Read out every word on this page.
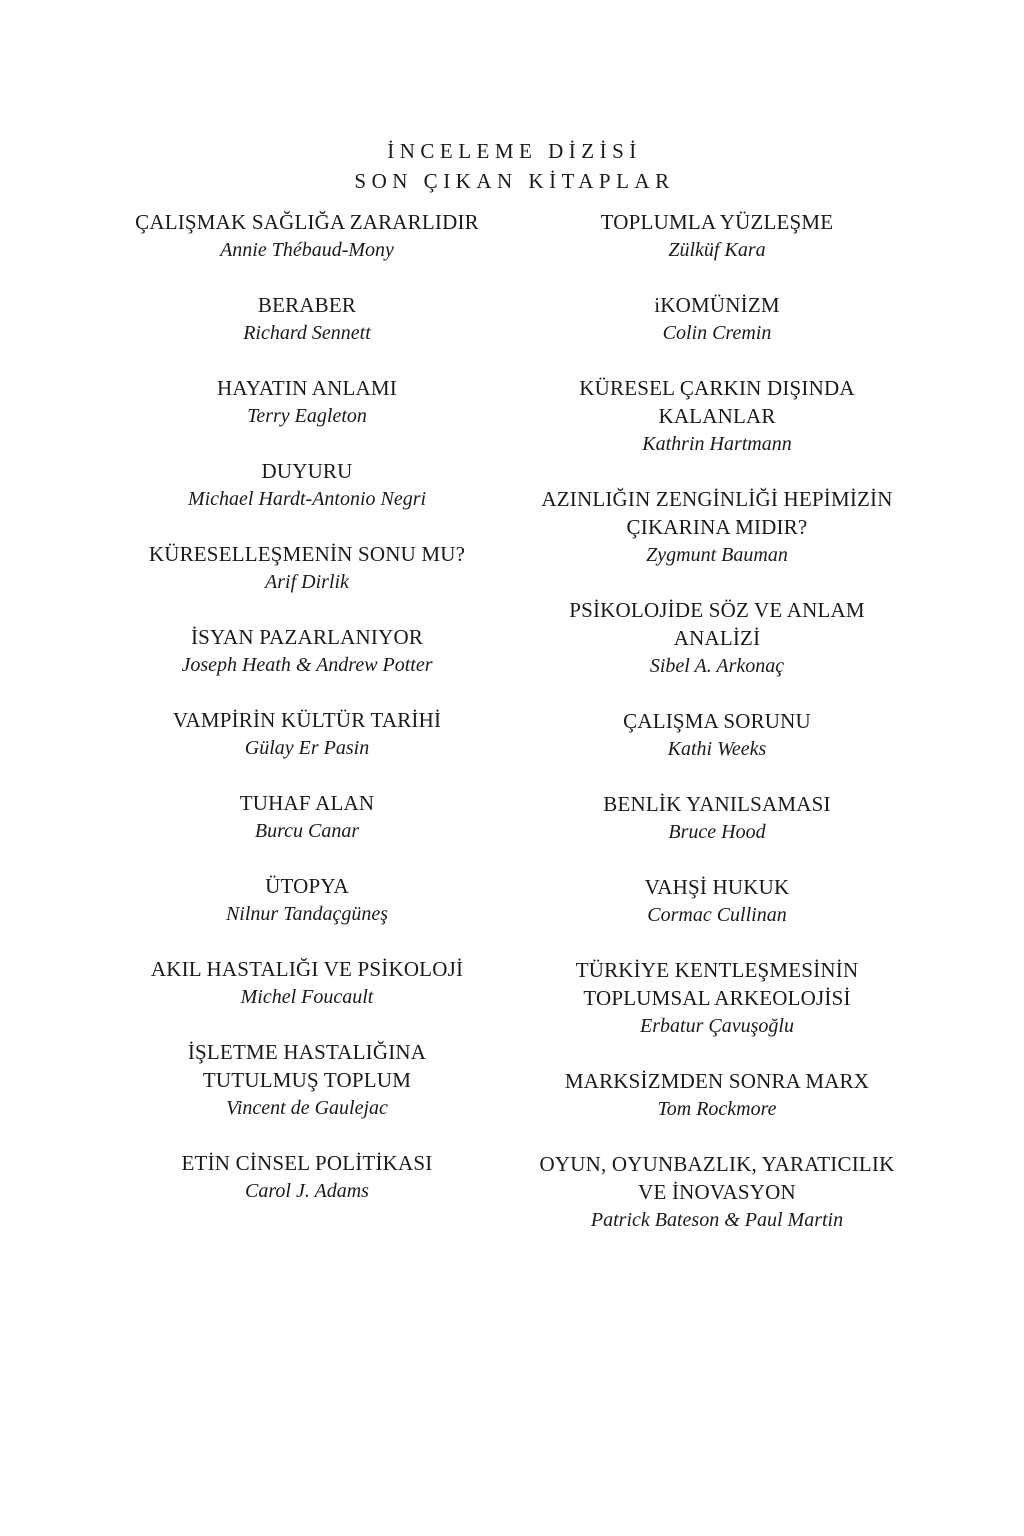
İNCELEME DİZİSİ
SON ÇIKAN KİTAPLAR
ÇALIŞMAK SAĞLIĞA ZARARLIDIR
Annie Thébaud-Mony
BERABER
Richard Sennett
HAYATIN ANLAMI
Terry Eagleton
DUYURU
Michael Hardt-Antonio Negri
KÜRESELLEŞMENİN SONU MU?
Arif Dirlik
İSYAN PAZARLANIYOR
Joseph Heath & Andrew Potter
VAMPİRİN KÜLTÜR TARİHİ
Gülay Er Pasin
TUHAF ALAN
Burcu Canar
ÜTOPYA
Nilnur Tandaçgüneş
AKIL HASTALIĞI VE PSİKOLOJİ
Michel Foucault
İŞLETME HASTALIĞINA
TUTULMUŞ TOPLUM
Vincent de Gaulejac
ETİN CİNSEL POLİTİKASI
Carol J. Adams
TOPLUMLA YÜZLEŞME
Zülküf Kara
iKOMÜNİZM
Colin Cremin
KÜRESEL ÇARKIN DIŞINDA
KALANLAR
Kathrin Hartmann
AZINLIĞIN ZENGİNLİĞİ HEPİMİZİN
ÇIKARINA MIDIR?
Zygmunt Bauman
PSİKOLOJİDE SÖZ VE ANLAM
ANALİZİ
Sibel A. Arkonaç
ÇALIŞMA SORUNU
Kathi Weeks
BENLİK YANILSAMASI
Bruce Hood
VAHŞİ HUKUK
Cormac Cullinan
TÜRKİYE KENTLEŞMESİNİN
TOPLUMSAL ARKEOLOJİSİ
Erbatur Çavuşoğlu
MARKSİZMDEN SONRA MARX
Tom Rockmore
OYUN, OYUNBAZLIK, YARATICILIK
VE İNOVASYON
Patrick Bateson & Paul Martin
